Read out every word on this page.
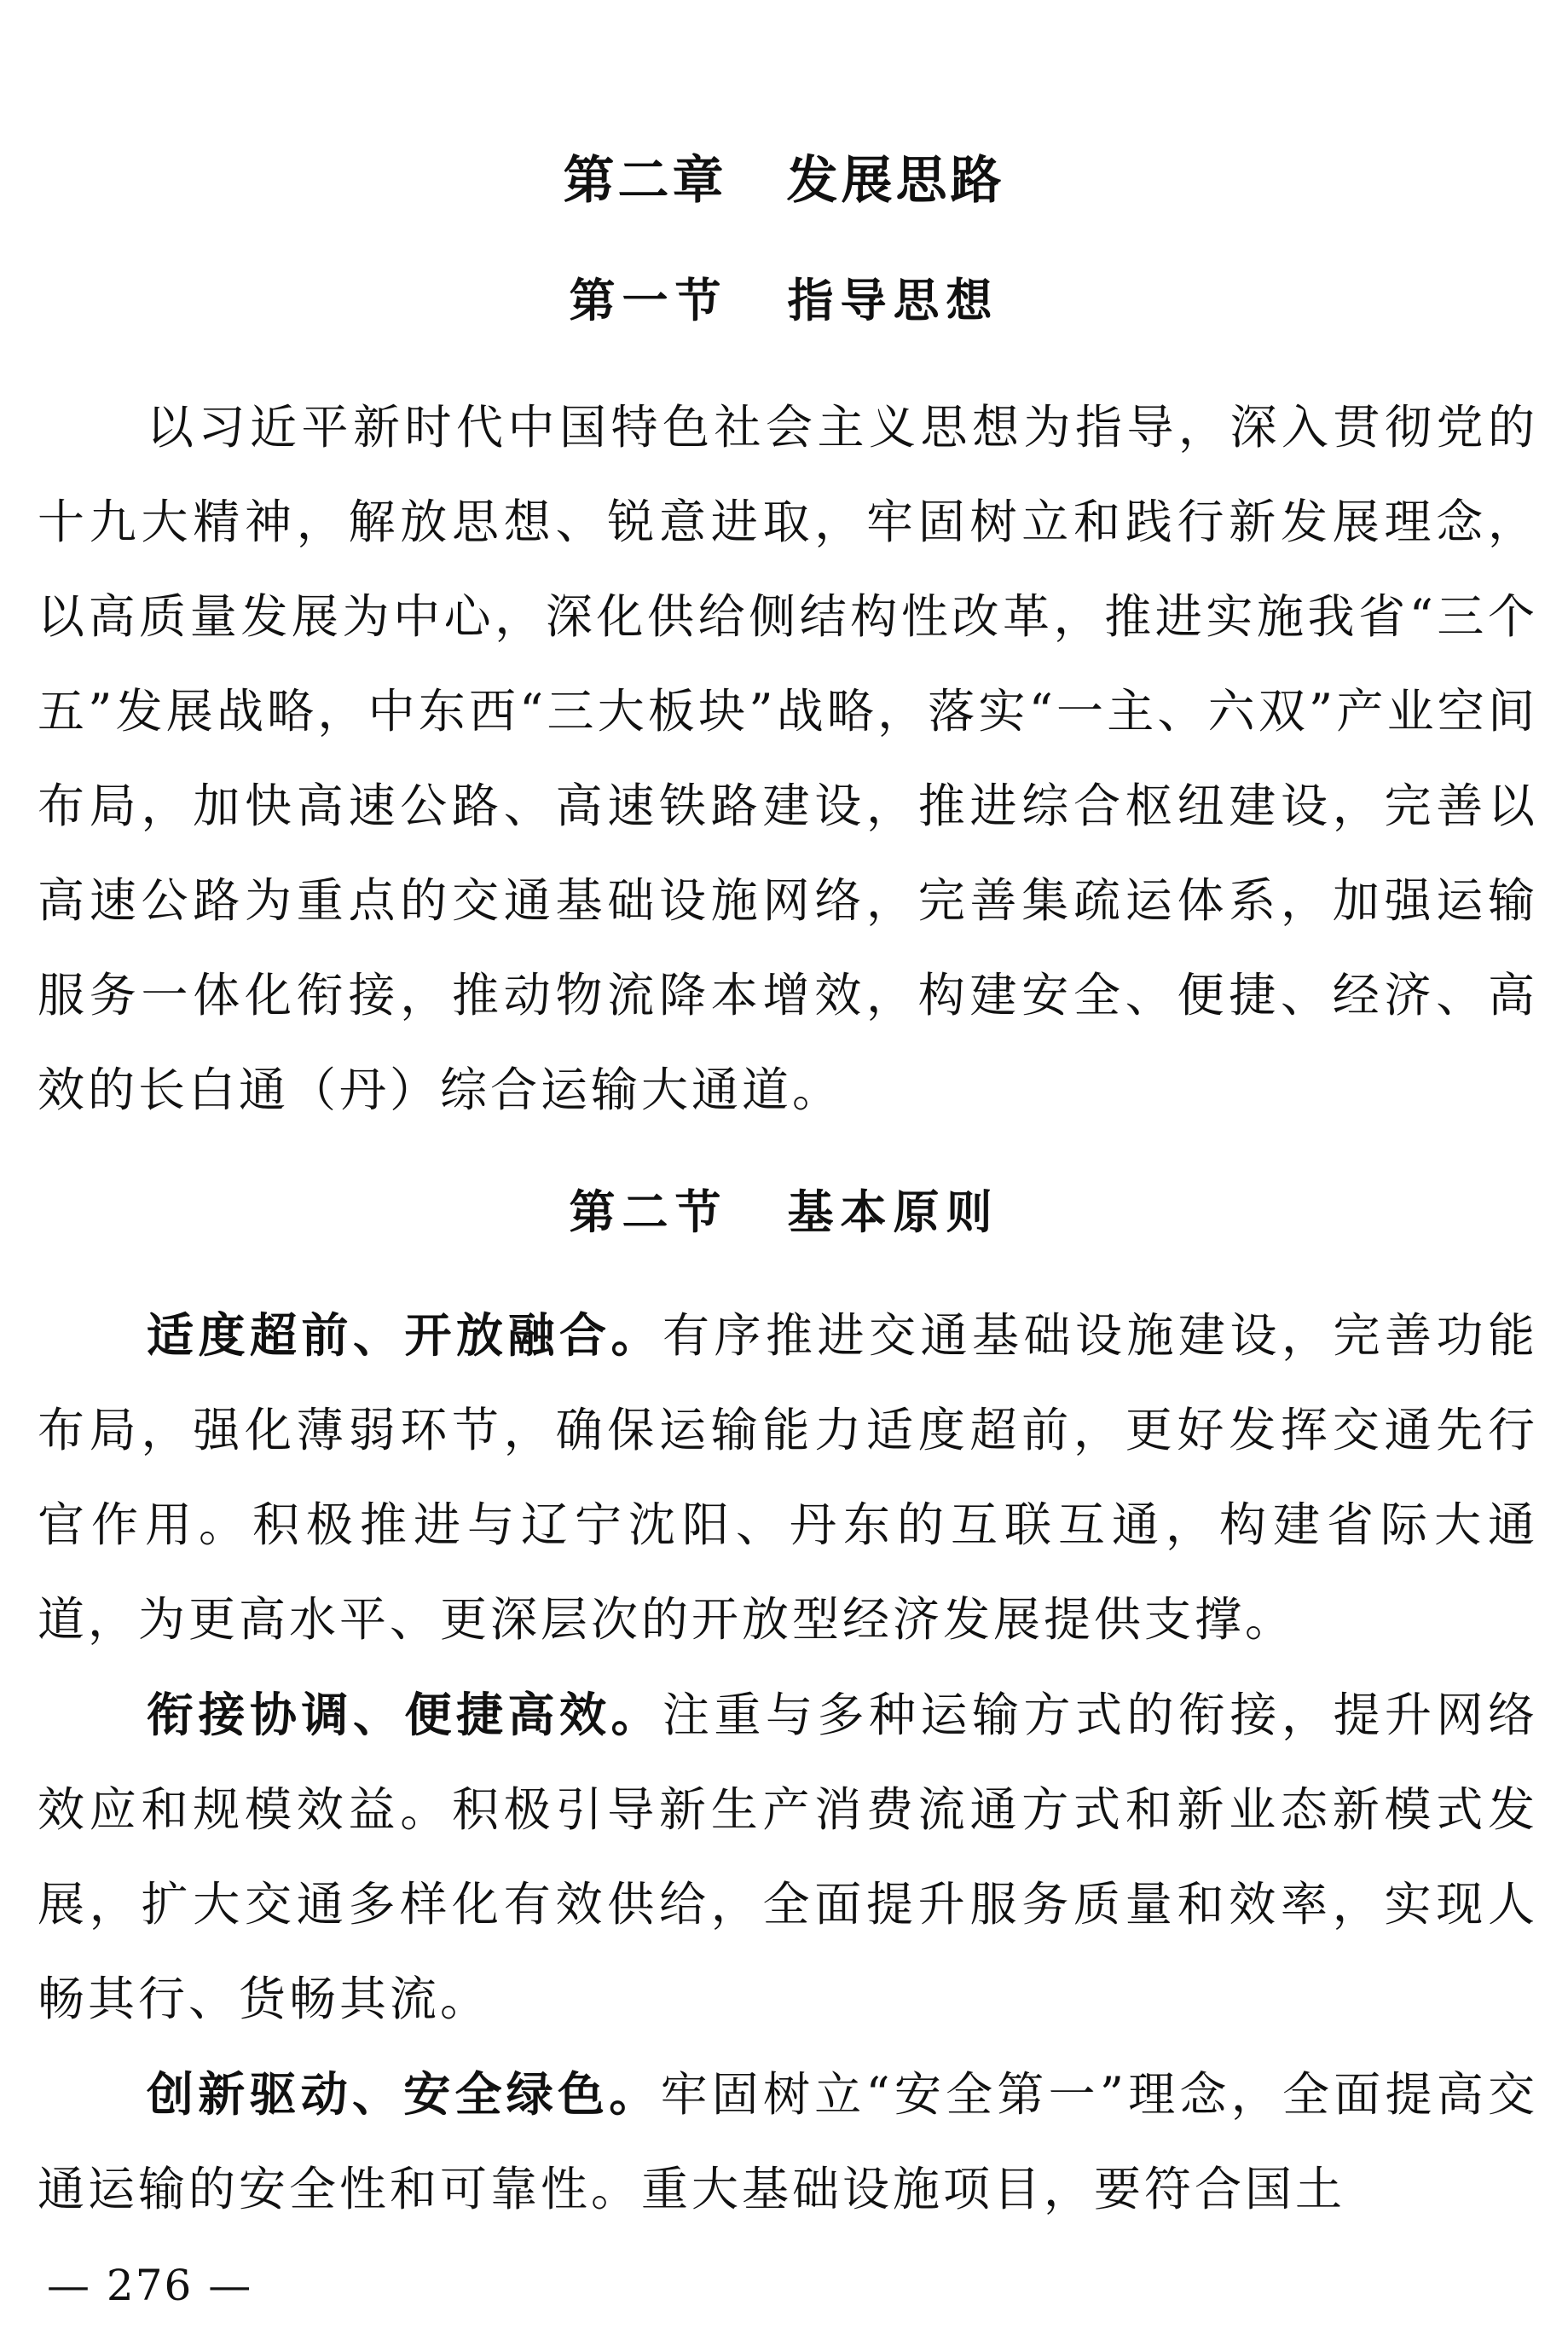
第二章 发展思路
第一节 指导思想

以习近平新时代中国特色社会主义思想为指导，深入贯彻党的十九大精神，解放思想、锐意进取，牢固树立和践行新发展理念，以高质量发展为中心，深化供给侧结构性改革，推进实施我省“三个五”发展战略，中东西“三大板块”战略，落实“一主、六双”产业空间布局，加快高速公路、高速铁路建设，推进综合枢纽建设，完善以高速公路为重点的交通基础设施网络，完善集疏运体系，加强运输服务一体化衔接，推动物流降本增效，构建安全、便捷、经济、高效的长白通（丹）综合运输大通道。

第二节 基本原则

适度超前、开放融合。有序推进交通基础设施建设，完善功能布局，强化薄弱环节，确保运输能力适度超前，更好发挥交通先行官作用。积极推进与辽宁沈阳、丹东的互联互通，构建省际大通道，为更高水平、更深层次的开放型经济发展提供支撑。

衔接协调、便捷高效。注重与多种运输方式的衔接，提升网络效应和规模效益。积极引导新生产消费流通方式和新业态新模式发展，扩大交通多样化有效供给，全面提升服务质量和效率，实现人畅其行、货畅其流。

创新驱动、安全绿色。牢固树立“安全第一”理念，全面提高交通运输的安全性和可靠性。重大基础设施项目，要符合国土

— 276 —
